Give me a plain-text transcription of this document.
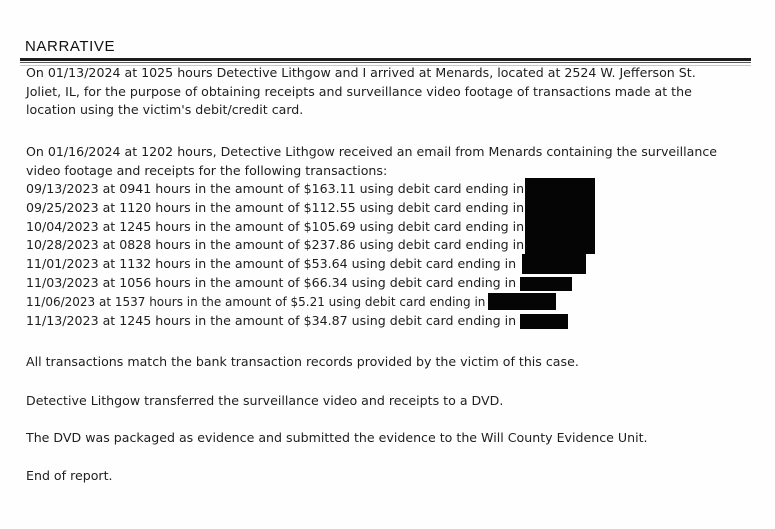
NARRATIVE
On 01/13/2024 at 1025 hours Detective Lithgow and I arrived at Menards, located at 2524 W. Jefferson St.
Joliet, IL, for the purpose of obtaining receipts and surveillance video footage of transactions made at the
location using the victim's debit/credit card.
On 01/16/2024 at 1202 hours, Detective Lithgow received an email from Menards containing the surveillance
video footage and receipts for the following transactions:
09/13/2023 at 0941 hours in the amount of $163.11 using debit card ending in
09/25/2023 at 1120 hours in the amount of $112.55 using debit card ending in
10/04/2023 at 1245 hours in the amount of $105.69 using debit card ending in
10/28/2023 at 0828 hours in the amount of $237.86 using debit card ending in
11/01/2023 at 1132 hours in the amount of $53.64 using debit card ending in
11/03/2023 at 1056 hours in the amount of $66.34 using debit card ending in
11/06/2023 at 1537 hours in the amount of $5.21 using debit card ending in
11/13/2023 at 1245 hours in the amount of $34.87 using debit card ending in
All transactions match the bank transaction records provided by the victim of this case.
Detective Lithgow transferred the surveillance video and receipts to a DVD.
The DVD was packaged as evidence and submitted the evidence to the Will County Evidence Unit.
End of report.
